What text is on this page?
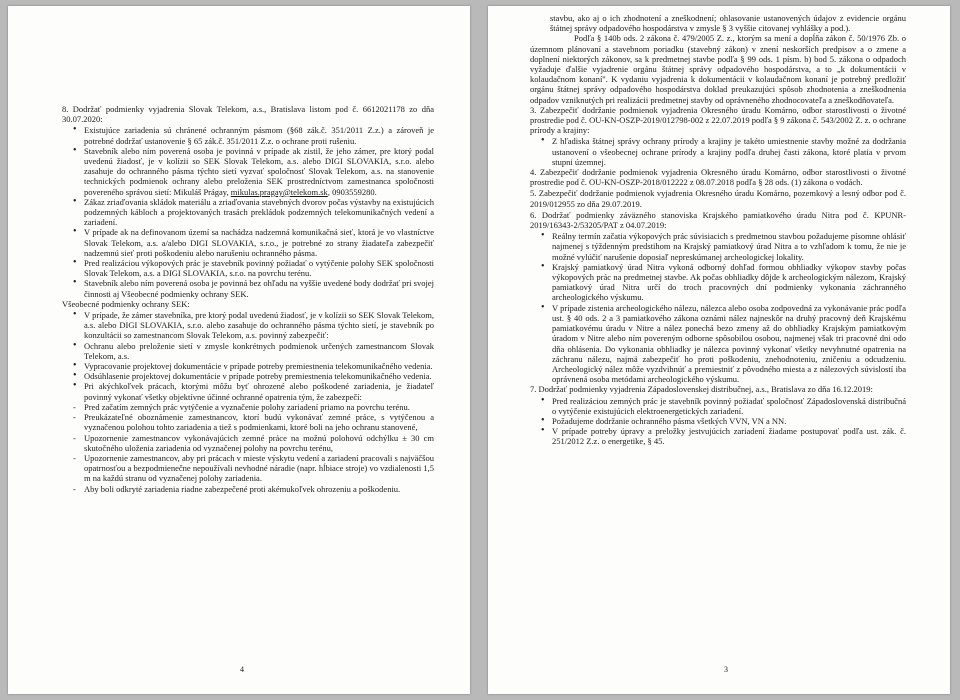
8. Dodržať podmienky vyjadrenia Slovak Telekom, a.s., Bratislava listom pod č. 6612021178 zo dňa 30.07.2020:

• Existujúce zariadenia sú chránené ochranným pásmom (§68 zák.č. 351/2011 Z.z.) a zároveň je potrebné dodržať ustanovenie § 65 zák.č. 351/2011 Z.z. o ochrane proti rušeniu.
• Stavebník alebo ním poverená osoba je povinná v prípade ak zistil, že jeho zámer, pre ktorý podal uvedenú žiadosť, je v kolízii so SEK Slovak Telekom, a.s. alebo DIGI SLOVAKIA, s.r.o. alebo zasahuje do ochranného pásma týchto sietí vyzvať spoločnosť Slovak Telekom, a.s. na stanovenie technických podmienok ochrany alebo preloženia SEK prostredníctvom zamestnanca spoločnosti povereného správou sietí: Mikuláš Prágay, mikulas.pragay@telekom.sk, 0903559280.
• Zákaz zriaďovania skládok materiálu a zriaďovania stavebných dvorov počas výstavby na existujúcich podzemných kábloch a projektovaných trasách prekládok podzemných telekomunikačných vedení a zariadení.
• V prípade ak na definovanom území sa nachádza nadzemná komunikačná sieť, ktorá je vo vlastníctve Slovak Telekom, a.s. a/alebo DIGI SLOVAKIA, s.r.o., je potrebné zo strany žiadateľa zabezpečiť nadzemnú sieť proti poškodeniu alebo narušeniu ochranného pásma.
• Pred realizáciou výkopových prác je stavebník povinný požiadať o vytýčenie polohy SEK spoločnosti Slovak Telekom, a.s. a DIGI SLOVAKIA, s.r.o. na povrchu terénu.
• Stavebník alebo ním poverená osoba je povinná bez ohľadu na vyššie uvedené body dodržať pri svojej činnosti aj Všeobecné podmienky ochrany SEK.

Všeobecné podmienky ochrany SEK:

• V prípade, že zámer stavebníka, pre ktorý podal uvedenú žiadosť, je v kolízii so SEK Slovak Telekom, a.s. alebo DIGI SLOVAKIA, s.r.o. alebo zasahuje do ochranného pásma týchto sietí, je stavebník po konzultácii so zamestnancom Slovak Telekom, a.s. povinný zabezpečiť:
• Ochranu alebo preloženie sietí v zmysle konkrétnych podmienok určených zamestnancom Slovak Telekom, a.s.
• Vypracovanie projektovej dokumentácie v prípade potreby premiestnenia telekomunikačného vedenia.
• Odsúhlasenie projektovej dokumentácie v prípade potreby premiestnenia telekomunikačného vedenia.
• Pri akýchkoľvek prácach, ktorými môžu byť ohrozené alebo poškodené zariadenia, je žiadateľ povinný vykonať všetky objektívne účinné ochranné opatrenia tým, že zabezpečí:
- Pred začatím zemných prác vytýčenie a vyznačenie polohy zariadení priamo na povrchu terénu.
- Preukázateľné oboznámenie zamestnancov, ktorí budú vykonávať zemné práce, s vytýčenou a vyznačenou polohou tohto zariadenia a tiež s podmienkami, ktoré boli na jeho ochranu stanovené,
- Upozornenie zamestnancov vykonávajúcich zemné práce na možnú polohovú odchýlku ± 30 cm skutočného uloženia zariadenia od vyznačenej polohy na povrchu terénu,
- Upozornenie zamestnancov, aby pri prácach v mieste výskytu vedení a zariadení pracovali s najväčšou opatrnosťou a bezpodmienečne nepoužívali nevhodné náradie (napr. hĺbiace stroje) vo vzdialenosti 1,5 m na každú stranu od vyznačenej polohy zariadenia.
- Aby boli odkryté zariadenia riadne zabezpečené proti akémukoľvek ohrozeniu a poškodeniu.
4

stavbu, ako aj o ich zhodnotení a zneškodnení; ohlasovanie ustanovených údajov z evidencie orgánu štátnej správy odpadového hospodárstva v zmysle § 3 vyššie citovanej vyhlášky a pod.).

Podľa § 140b ods. 2 zákona č. 479/2005 Z. z., ktorým sa mení a dopĺňa zákon č. 50/1976 Zb. o územnom plánovaní a stavebnom poriadku (stavebný zákon) v znení neskorších predpisov a o zmene a doplnení niektorých zákonov, sa k predmetnej stavbe podľa § 99 ods. 1 písm. b) bod 5. zákona o odpadoch vyžaduje ďalšie vyjadrenie orgánu štátnej správy odpadového hospodárstva, a to „k dokumentácii v kolaudačnom konaní". K vydaniu vyjadrenia k dokumentácii v kolaudačnom konaní je potrebný predložiť orgánu štátnej správy odpadového hospodárstva doklad preukazujúci spôsob zhodnotenia a zneškodnenia odpadov vzniknutých pri realizácii predmetnej stavby od oprávneného zhodnocovateľa a zneškodňovateľa.

3. Zabezpečiť dodržanie podmienok vyjadrenia Okresného úradu Komárno, odbor starostlivosti o životné prostredie pod č. OU-KN-OSZP-2019/012798-002 z 22.07.2019 podľa § 9 zákona č. 543/2002 Z. z. o ochrane prírody a krajiny:

• Z hľadiska štátnej správy ochrany prírody a krajiny je takéto umiestnenie stavby možné za dodržania ustanovení o všeobecnej ochrane prírody a krajiny podľa druhej časti zákona, ktoré platia v prvom stupni územnej.

4. Zabezpečiť dodržanie podmienok vyjadrenia Okresného úradu Komárno, odbor starostlivosti o životné prostredie pod č. OU-KN-OSZP-2018/012222 z 08.07.2018 podľa § 28 ods. (1) zákona o vodách.

5. Zabezpečiť dodržanie podmienok vyjadrenia Okresného úradu Komárno, pozemkový a lesný odbor pod č. 2019/012955 zo dňa 29.07.2019.

6. Dodržať podmienky záväzného stanoviska Krajského pamiatkového úradu Nitra pod č. KPUNR-2019/16343-2/53205/PAT z 04.07.2019:

• Reálny termín začatia výkopových prác súvisiacich s predmetnou stavbou požadujeme písomne ohlásiť najmenej s týždenným predstihom na Krajský pamiatkový úrad Nitra a to vzhľadom k tomu, že nie je možné vylúčiť narušenie doposiaľ nepreskúmanej archeologickej lokality.
• Krajský pamiatkový úrad Nitra vykoná odborný dohľad formou obhliadky výkopov stavby počas výkopových prác na predmetnej stavbe. Ak počas obhliadky dôjde k archeologickým nálezom, Krajský pamiatkový úrad Nitra určí do troch pracovných dní podmienky vykonania záchranného archeologického výskumu.
• V prípade zistenia archeologického nálezu, nálezca alebo osoba zodpovedná za vykonávanie prác podľa ust. § 40 ods. 2 a 3 pamiatkového zákona oznámi nález najneskôr na druhý pracovný deň Krajskému pamiatkovému úradu v Nitre a nález ponechá bezo zmeny až do obhliadky Krajským pamiatkovým úradom v Nitre alebo ním povereným odborne spôsobilou osobou, najmenej však tri pracovné dni odo dňa ohlásenia. Do vykonania obhliadky je nálezca povinný vykonať všetky nevyhnutné opatrenia na záchranu nálezu, najmä zabezpečiť ho proti poškodeniu, znehodnoteniu, zničeniu a odcudzeniu. Archeologický nález môže vyzdvihnúť a premiestniť z pôvodného miesta a z nálezových súvislostí iba oprávnená osoba metódami archeologického výskumu.

7. Dodržať podmienky vyjadrenia Západoslovenskej distribučnej, a.s., Bratislava zo dňa 16.12.2019:

• Pred realizáciou zemných prác je stavebník povinný požiadať spoločnosť Západoslovenská distribučná o vytýčenie existujúcich elektroenergetických zariadení.
• Požadujeme dodržanie ochranného pásma všetkých VVN, VN a NN.
• V prípade potreby úpravy a preložky jestvujúcich zariadení žiadame postupovať podľa ust. zák. č. 251/2012 Z.z. o energetike, § 45.
3
